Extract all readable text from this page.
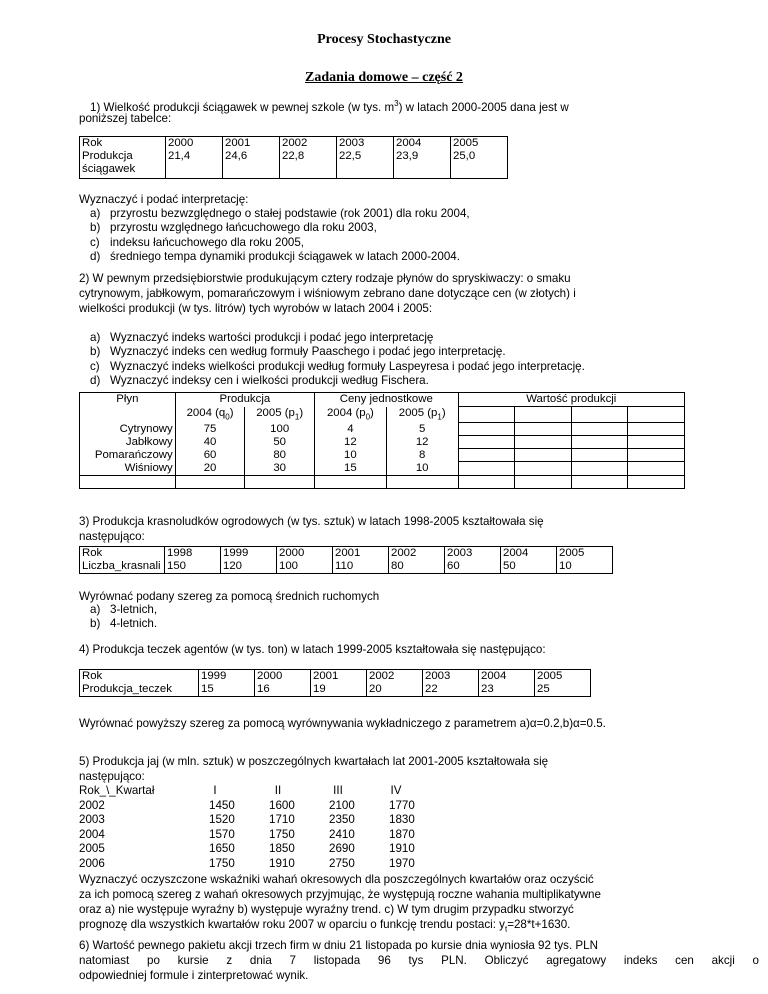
Procesy Stochastyczne
Zadania domowe – część 2
1) Wielkość produkcji ściągawek w pewnej szkole (w tys. $m^3$) w latach 2000-2005 dana jest w
poniższej tabelce:
Rok	2000	2001	2002	2003	2004	2005
Produkcja
ściągawek	21,4	24,6	22,8	22,5	23,9	25,0
Wyznaczyć i podać interpretację:
a) przyrostu bezwzględnego o stałej podstawie (rok 2001) dla roku 2004,
b) przyrostu względnego łańcuchowego dla roku 2003,
c) indeksu łańcuchowego dla roku 2005,
d) średniego tempa dynamiki produkcji ściągawek w latach 2000-2004.
2) W pewnym przedsiębiorstwie produkującym cztery rodzaje płynów do spryskiwaczy: o smaku
cytrynowym, jabłkowym, pomarańczowym i wiśniowym zebrano dane dotyczące cen (w złotych) i
wielkości produkcji (w tys. litrów) tych wyrobów w latach 2004 i 2005:
a) Wyznaczyć indeks wartości produkcji i podać jego interpretację
b) Wyznaczyć indeks cen według formuły Paaschego i podać jego interpretację.
c) Wyznaczyć indeks wielkości produkcji według formuły Laspeyresa i podać jego interpretację.
d) Wyznaczyć indeksy cen i wielkości produkcji według Fischera.
Płyn	Produkcja		Ceny jednostkowe		Wartość produkcji			
	2004 $(q_0)$	2005 $(p_1)$	2004 $(p_0)$	2005 $(p_1)$				
Cytrynowy	75	100	4	5				
Jabłkowy	40	50	12	12				
Pomarańczowy	60	80	10	8				
Wiśniowy	20	30	15	10				

3) Produkcja krasnoludków ogrodowych (w tys. sztuk) w latach 1998-2005 kształtowała się
następująco:
Rok	1998	1999	2000	2001	2002	2003	2004	2005
Liczba_krasnali	150	120	100	110	80	60	50	10
Wyrównać podany szereg za pomocą średnich ruchomych
a) 3-letnich,
b) 4-letnich.
4) Produkcja teczek agentów (w tys. ton) w latach 1999-2005 kształtowała się następująco:
Rok	1999	2000	2001	2002	2003	2004	2005
Produkcja_teczek	15	16	19	20	22	23	25
Wyrównać powyższy szereg za pomocą wyrównywania wykładniczego z parametrem a)α=0.2,b)α=0.5.
5) Produkcja jaj (w mln. sztuk) w poszczególnych kwartałach lat 2001-2005 kształtowała się
następująco:
Rok_\_Kwartał	I	II	III	IV
2002	1450	1600	2100	1770
2003	1520	1710	2350	1830
2004	1570	1750	2410	1870
2005	1650	1850	2690	1910
2006	1750	1910	2750	1970
Wyznaczyć oczyszczone wskaźniki wahań okresowych dla poszczególnych kwartałów oraz oczyścić
za ich pomocą szereg z wahań okresowych przyjmując, że występują roczne wahania multiplikatywne
oraz a) nie występuje wyraźny b) występuje wyraźny trend. c) W tym drugim przypadku stworzyć
prognozę dla wszystkich kwartałów roku 2007 w oparciu o funkcję trendu postaci: $y_t=28*t+1630$.
6) Wartość pewnego pakietu akcji trzech firm w dniu 21 listopada po kursie dnia wyniosła 92 tys. PLN
natomiast po kursie z dnia 7 listopada 96 tys PLN. Obliczyć agregatowy indeks cen akcji o
odpowiedniej formule i zinterpretować wynik.
